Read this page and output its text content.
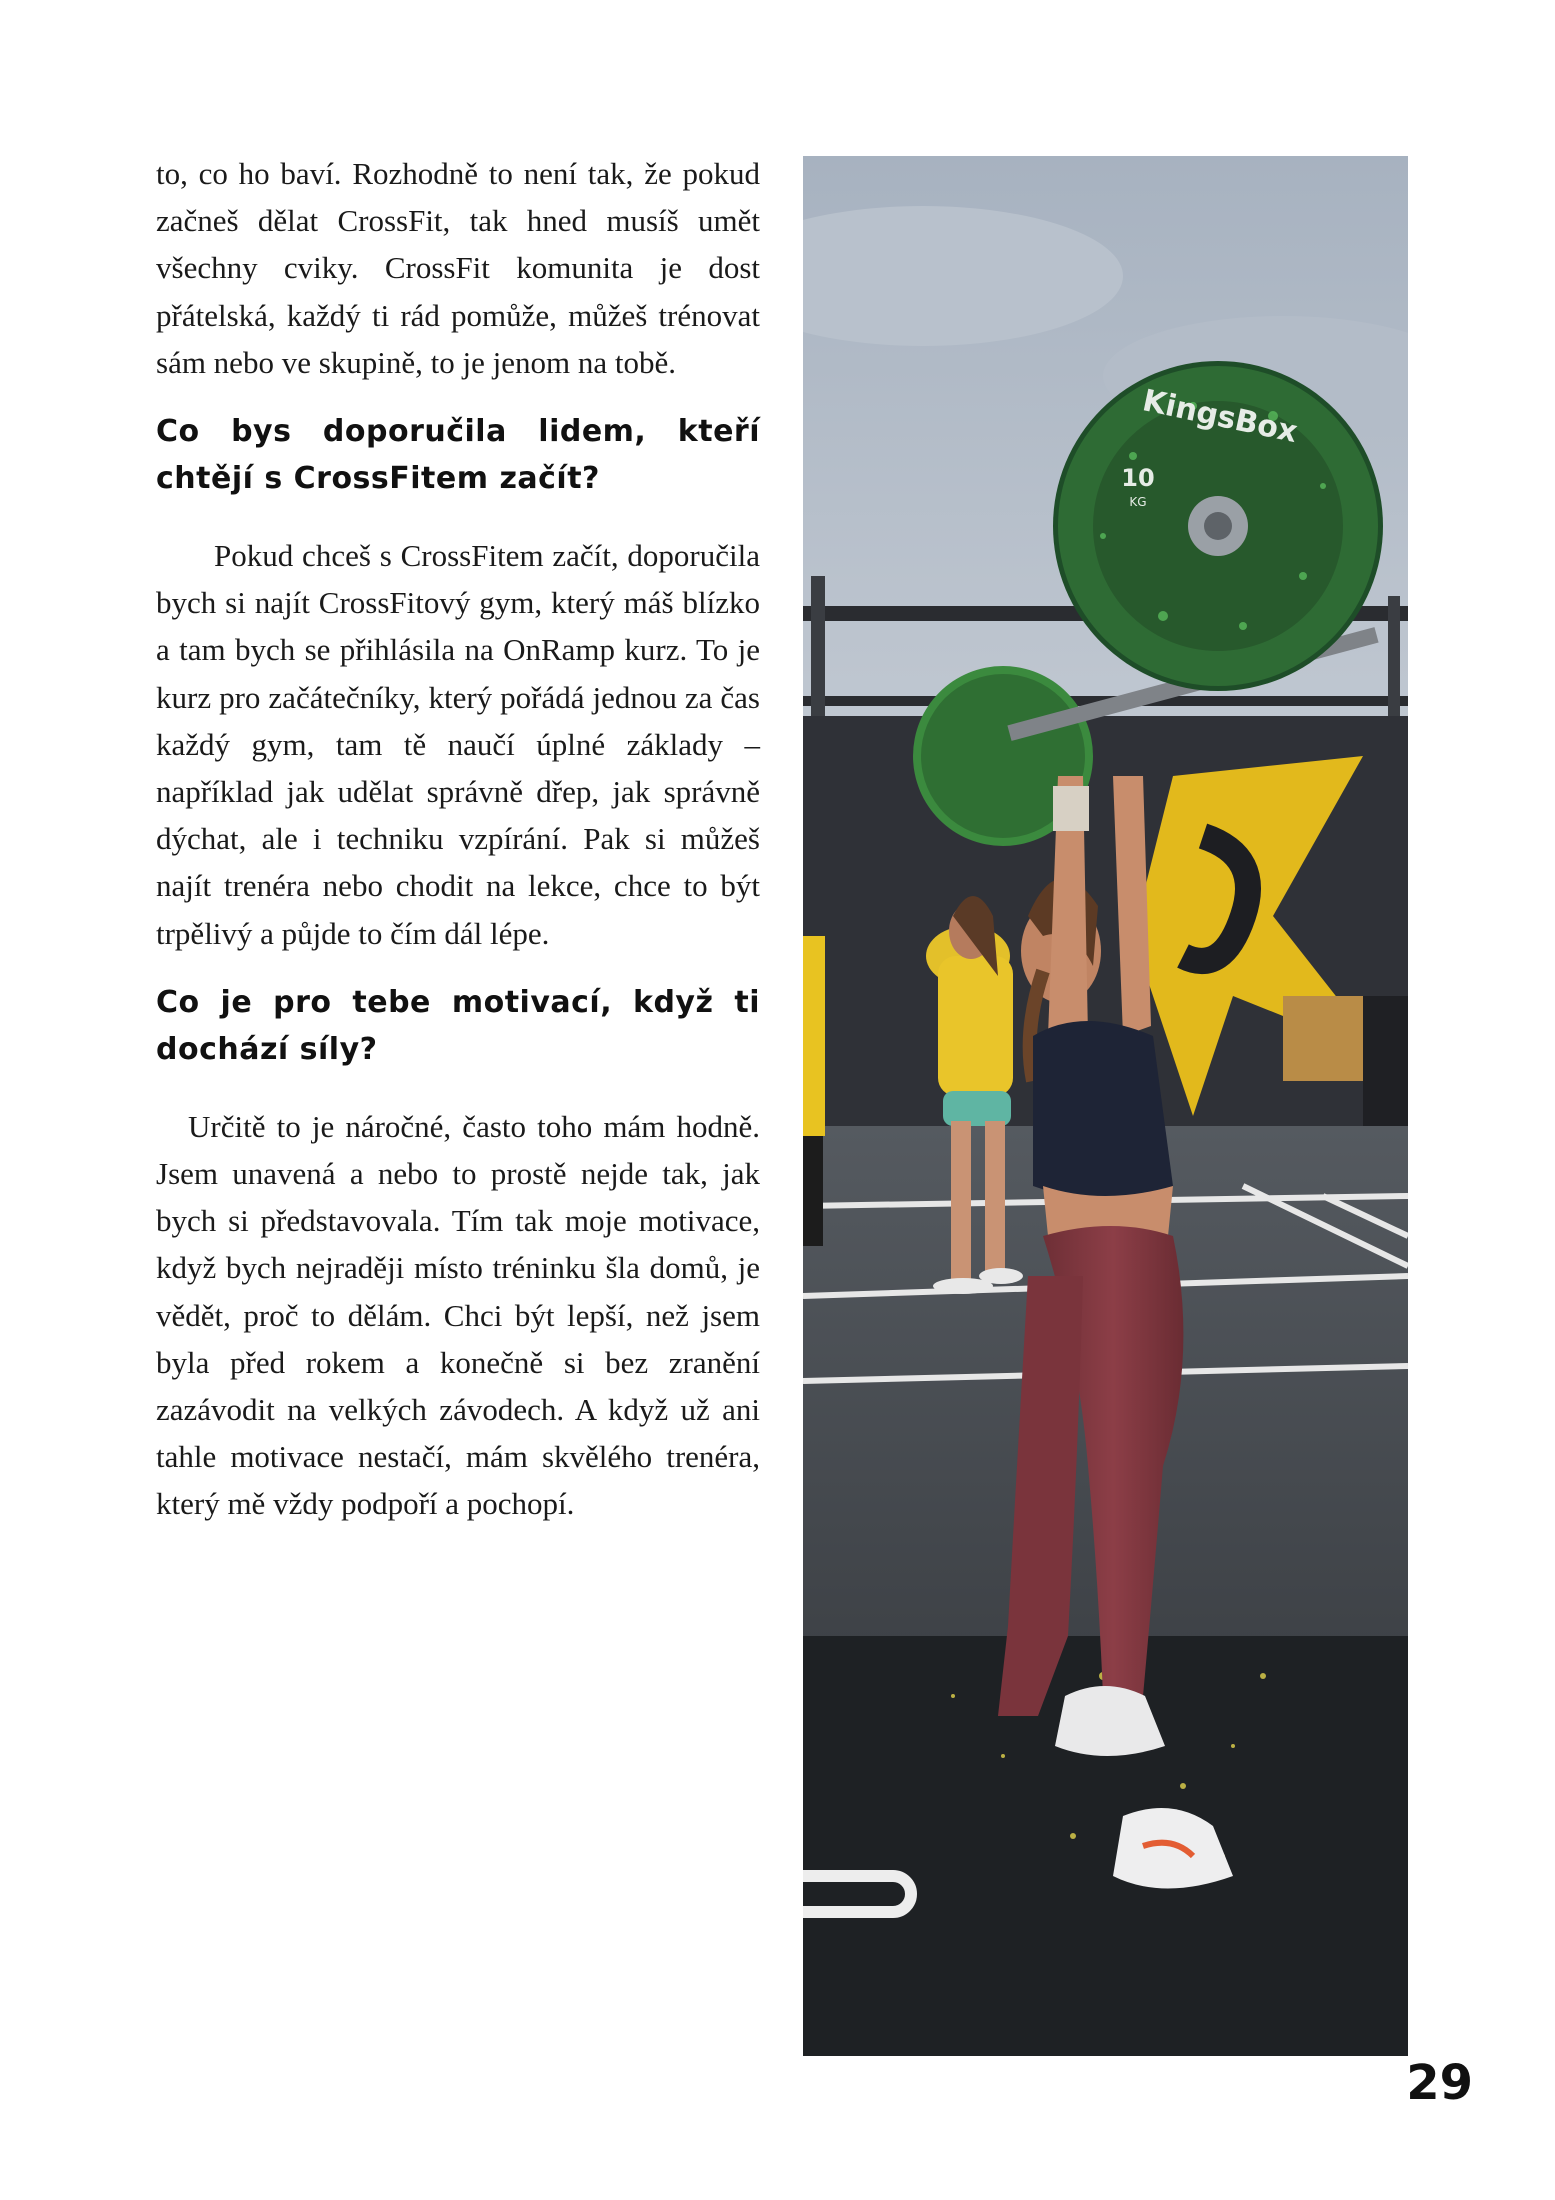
to, co ho baví. Rozhodně to není tak, že pokud začneš dělat CrossFit, tak hned musíš umět všechny cviky. CrossFit komunita je dost přátelská, každý ti rád pomůže, můžeš trénovat sám nebo ve skupině, to je jenom na tobě.

Co bys doporučila lidem, kteří chtějí s CrossFitem začít?

Pokud chceš s CrossFitem začít, doporučila bych si najít CrossFitový gym, který máš blízko a tam bych se přihlásila na OnRamp kurz. To je kurz pro začátečníky, který pořádá jednou za čas každý gym, tam tě naučí úplné základy – například jak udělat správně dřep, jak správně dýchat, ale i techniku vzpírání. Pak si můžeš najít trenéra nebo chodit na lekce, chce to být trpělivý a půjde to čím dál lépe.

Co je pro tebe motivací, když ti dochází síly?

Určitě to je náročné, často toho mám hodně. Jsem unavená a nebo to prostě nejde tak, jak bych si představovala. Tím tak moje motivace, když bych nejraději místo tréninku šla domů, je vědět, proč to dělám. Chci být lepší, než jsem byla před rokem a konečně si bez zranění zazávodit na velkých závodech. A když už ani tahle motivace nestačí, mám skvělého trenéra, který mě vždy podpoří a pochopí.

KingsBox
10
KG
29
